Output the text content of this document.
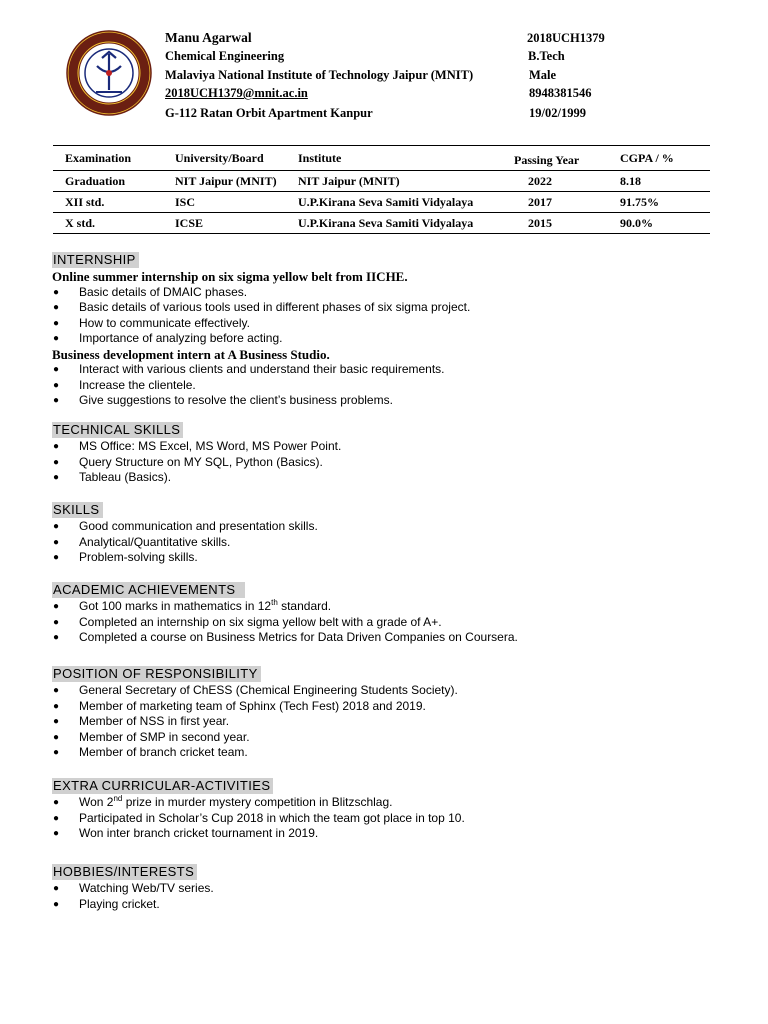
Manu Agarwal
Chemical Engineering
Malaviya National Institute of Technology Jaipur (MNIT)
2018UCH1379@mnit.ac.in
G-112 Ratan Orbit Apartment Kanpur
2018UCH1379
B.Tech
Male
8948381546
19/02/1999
Examination	University/Board	Institute	Passing Year	CGPA / %
Graduation	NIT Jaipur (MNIT)	NIT Jaipur (MNIT)	2022	8.18
XII std.	ISC	U.P.Kirana Seva Samiti Vidyalaya	2017	91.75%
X std.	ICSE	U.P.Kirana Seva Samiti Vidyalaya	2015	90.0%
INTERNSHIP
Online summer internship on six sigma yellow belt from IICHE.
● Basic details of DMAIC phases.
● Basic details of various tools used in different phases of six sigma project.
● How to communicate effectively.
● Importance of analyzing before acting.
Business development intern at A Business Studio.
● Interact with various clients and understand their basic requirements.
● Increase the clientele.
● Give suggestions to resolve the client’s business problems.
TECHNICAL SKILLS
● MS Office: MS Excel, MS Word, MS Power Point.
● Query Structure on MY SQL, Python (Basics).
● Tableau (Basics).
SKILLS
● Good communication and presentation skills.
● Analytical/Quantitative skills.
● Problem-solving skills.
ACADEMIC ACHIEVEMENTS
● Got 100 marks in mathematics in 12th standard.
● Completed an internship on six sigma yellow belt with a grade of A+.
● Completed a course on Business Metrics for Data Driven Companies on Coursera.
POSITION OF RESPONSIBILITY
● General Secretary of ChESS (Chemical Engineering Students Society).
● Member of marketing team of Sphinx (Tech Fest) 2018 and 2019.
● Member of NSS in first year.
● Member of SMP in second year.
● Member of branch cricket team.
EXTRA CURRICULAR-ACTIVITIES
● Won 2nd prize in murder mystery competition in Blitzschlag.
● Participated in Scholar’s Cup 2018 in which the team got place in top 10.
● Won inter branch cricket tournament in 2019.
HOBBIES/INTERESTS
● Watching Web/TV series.
● Playing cricket.
